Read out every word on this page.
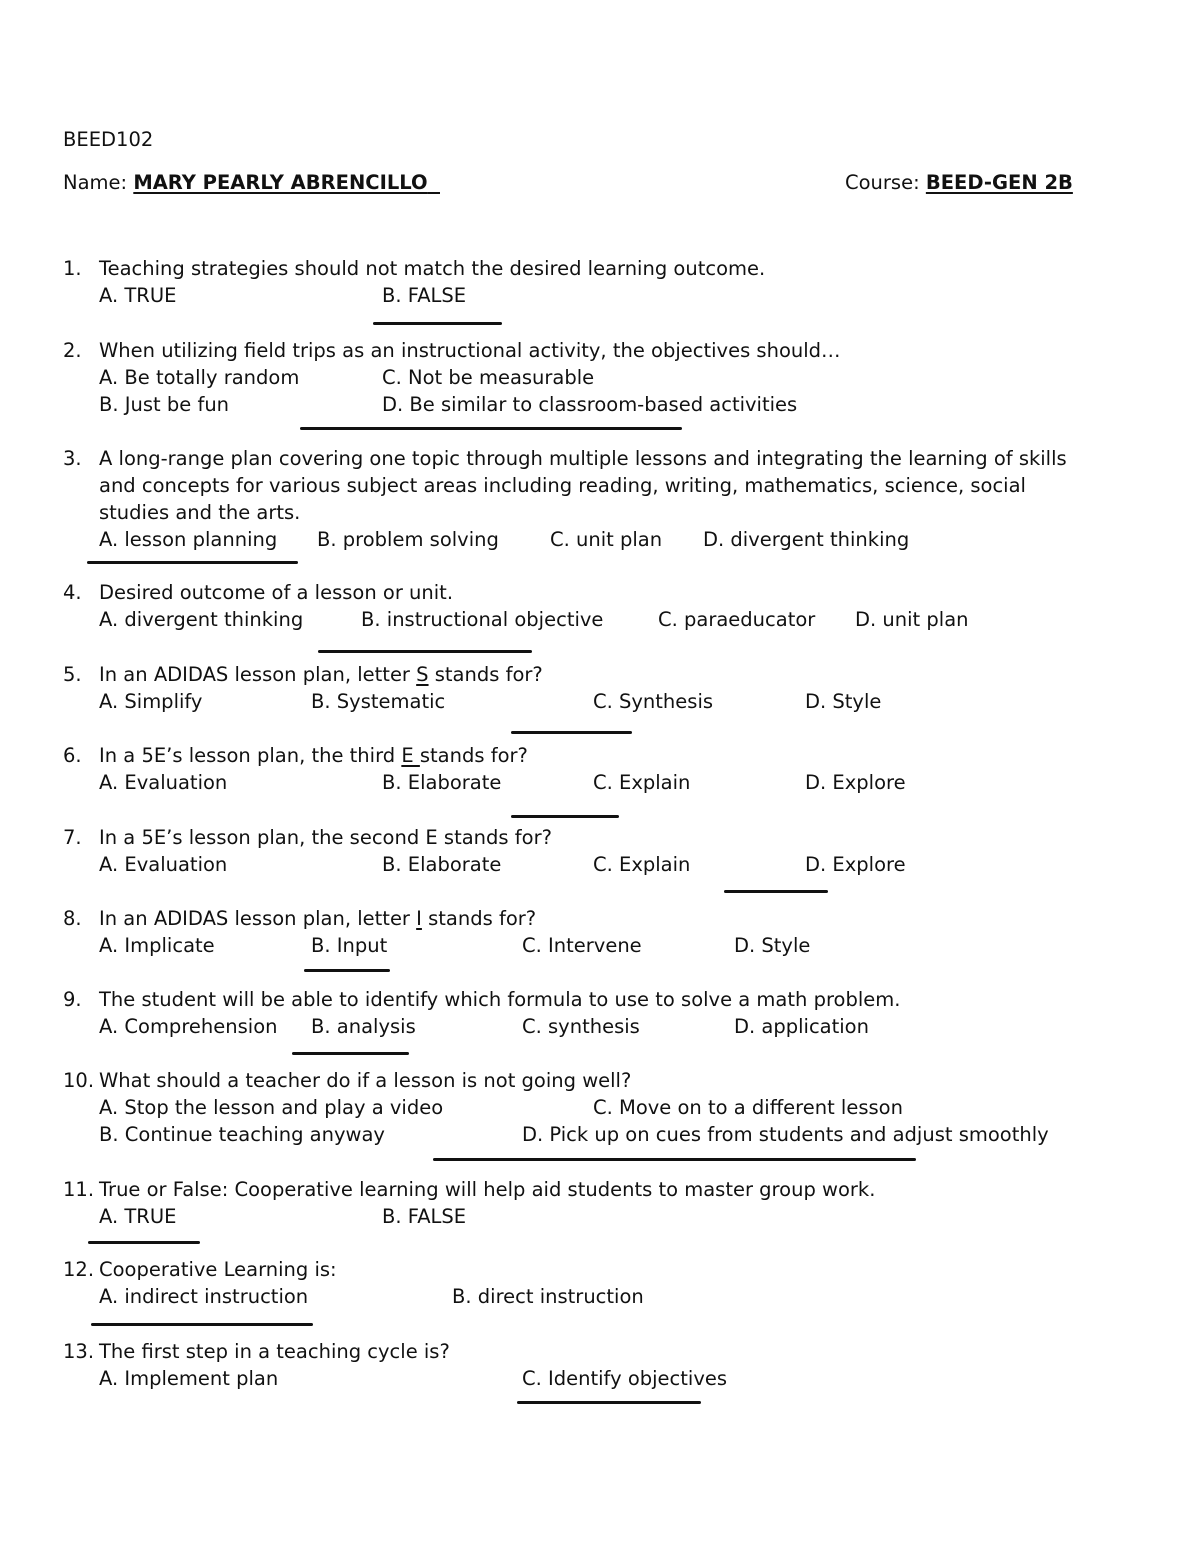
BEED102
Name: MARY PEARLY ABRENCILLO	Course: BEED-GEN 2B
1. Teaching strategies should not match the desired learning outcome.
A. TRUE	B. FALSE
2. When utilizing field trips as an instructional activity, the objectives should…
A. Be totally random	C. Not be measurable
B. Just be fun	D. Be similar to classroom-based activities
3. A long-range plan covering one topic through multiple lessons and integrating the learning of skills
and concepts for various subject areas including reading, writing, mathematics, science, social
studies and the arts.
A. lesson planning B. problem solving	C. unit plan D. divergent thinking
4. Desired outcome of a lesson or unit.
A. divergent thinking	B. instructional objective	C. paraeducator D. unit plan
5. In an ADIDAS lesson plan, letter S stands for?
A. Simplify	B. Systematic	C. Synthesis	D. Style
6. In a 5E’s lesson plan, the third E stands for?
A. Evaluation	B. Elaborate	C. Explain	D. Explore
7. In a 5E’s lesson plan, the second E stands for?
A. Evaluation	B. Elaborate	C. Explain	D. Explore
8. In an ADIDAS lesson plan, letter I stands for?
A. Implicate	B. Input	C. Intervene	D. Style
9. The student will be able to identify which formula to use to solve a math problem.
A. Comprehension B. analysis	C. synthesis	D. application
10. What should a teacher do if a lesson is not going well?
A. Stop the lesson and play a video	C. Move on to a different lesson
B. Continue teaching anyway	D. Pick up on cues from students and adjust smoothly
11. True or False: Cooperative learning will help aid students to master group work.
A. TRUE	B. FALSE
12. Cooperative Learning is:
A. indirect instruction	B. direct instruction
13. The first step in a teaching cycle is?
A. Implement plan	C. Identify objectives
